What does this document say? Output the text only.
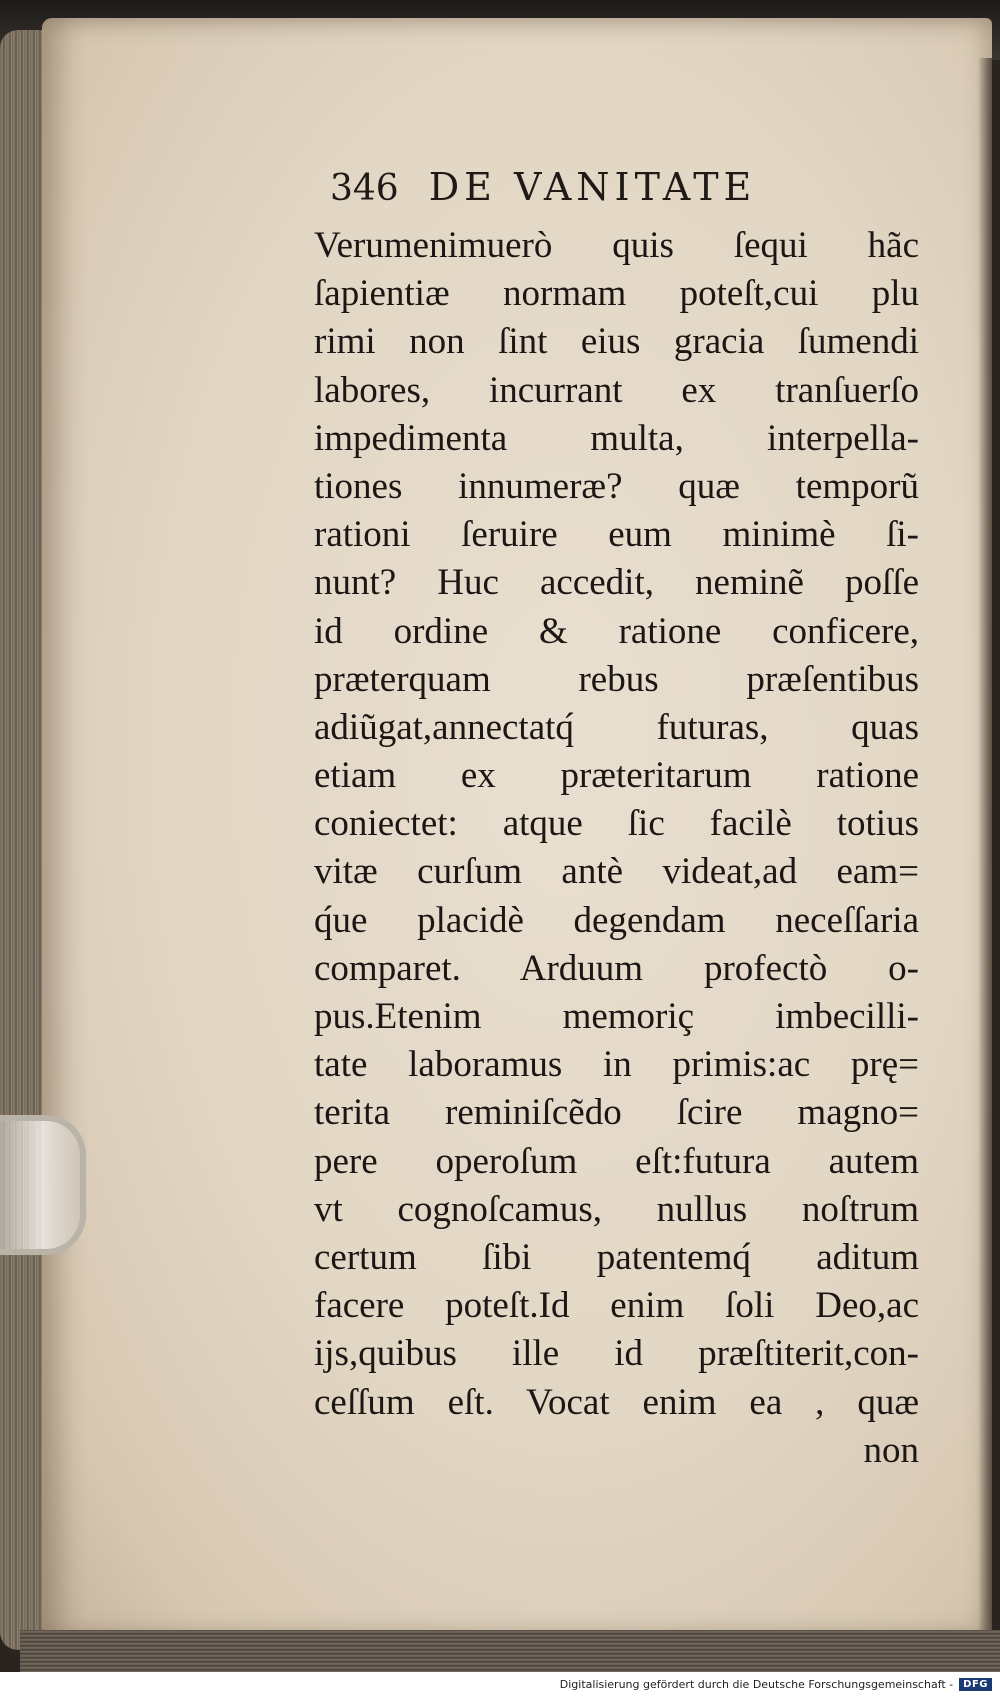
346 DE VANITATE
Verumenimuerò quis ſequi hãc
ſapientiæ normam poteſt,cui plu
rimi non ſint eius gracia ſumendi
labores, incurrant ex tranſuerſo
impedimenta multa, interpella-
tiones innumeræ? quæ temporũ
rationi ſeruire eum minimè ſi-
nunt? Huc accedit, neminẽ poſſe
id ordine & ratione conficere,
præterquam rebus præſentibus
adiũgat,annectatq́ futuras, quas
etiam ex præteritarum ratione
coniectet: atque ſic facilè totius
vitæ curſum antè videat,ad eam=
q́ue placidè degendam neceſſaria
comparet. Arduum profectò o-
pus.Etenim memoriç imbecilli-
tate laboramus in primis:ac prę=
terita reminiſcẽdo ſcire magno=
pere operoſum eſt:futura autem
vt cognoſcamus, nullus noſtrum
certum ſibi patentemq́ aditum
facere poteſt.Id enim ſoli Deo,ac
ijs,quibus ille id præſtiterit,con-
ceſſum eſt. Vocat enim ea , quæ
non
Digitalisierung gefördert durch die Deutsche Forschungsgemeinschaft -	DFG
